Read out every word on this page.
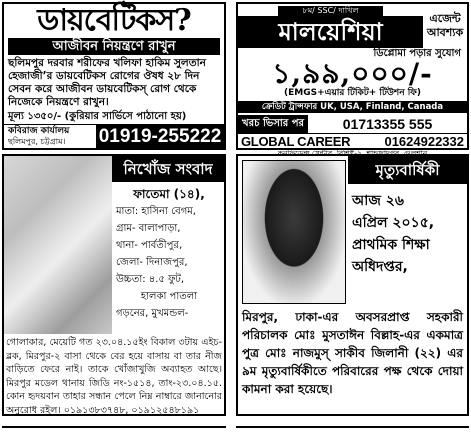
ডায়বেটিকস?
আজীবন নিয়ন্ত্রণে রাখুন
ছলিমপুর দরবার শরীফের খলিফা হাকিম সুলতান হেজাজী’র ডায়বেটিকস রোগের ঔষধ ২৮ দিন সেবন করে আজীবন ডায়বেটিকস্‌ রোগ থেকে নিজেকে নিয়ন্ত্রণে রাখুন।
মূল্য ১৩৫০/- (কুরিয়ার সার্ভিসে পাঠানো হয়)
কবিরাজ কার্যালয়
ছলিমপুর, চট্টগ্রাম।	01919-255222
৮ম/ SSC/ দাখিল
মালয়েশিয়া	এজেন্ট আবশ্যক
ডিপ্লোমা পড়ার সুযোগ
১,৯৯,০০০/-
(EMGS+এয়ার টিকিট+ টিউশন ফি)
ক্রেডিট ট্রান্সফার UK, USA, Finland, Canada
খরচ ভিসার পর	01713355 555
GLOBAL CAREER	01624922332
নিখোঁজ সংবাদ
ফাতেমা (১৪),
মাতা: হাসিনা বেগম,
গ্রাম- বালাপাড়া,
থানা- পার্বতীপুর,
জেলা- দিনাজপুর,
উচ্চতা: ৪.৫ ফুট,
হালকা পাতলা
গড়নের, মুখমন্ডল-
গোলাকার, মেয়েটি গত ২৩.০৪.১৫ইং বিকাল ৩টায় এইচ-ব্লক, মিরপুর-২ বাসা থেকে বের হয়ে বাসায় বা তার নীজ বাড়িতে ফেরে নাই। তাকে খোঁজাখুজি অব্যাহত আছে। মিরপুর মডেল থানায় জিডি নং-১৫১৪, তাং-২৩.০৪.১৫. কোন হৃদয়বান তাহার সন্ধান পেলে নিম্ন নাম্বারে জানানোর অনুরোধ রইল। ০১৯১৩৮৩৭৪৮, ০১৯১২৫৪৮১৯১
মৃত্যুবার্ষিকী
আজ ২৬
এপ্রিল ২০১৫,
প্রাথমিক শিক্ষা
অধিদপ্তর,
মিরপুর, ঢাকা-এর অবসরপ্রাপ্ত সহকারী পরিচালক মোঃ মুসতাঈন বিল্লাহ-এর একমাত্র পুত্র মোঃ নাজমুস্‌ সাকীব জিলানী (২২) এর ৯ম মৃত্যুবার্ষিকীতে পরিবারের পক্ষ থেকে দোয়া কামনা করা হয়েছে।
